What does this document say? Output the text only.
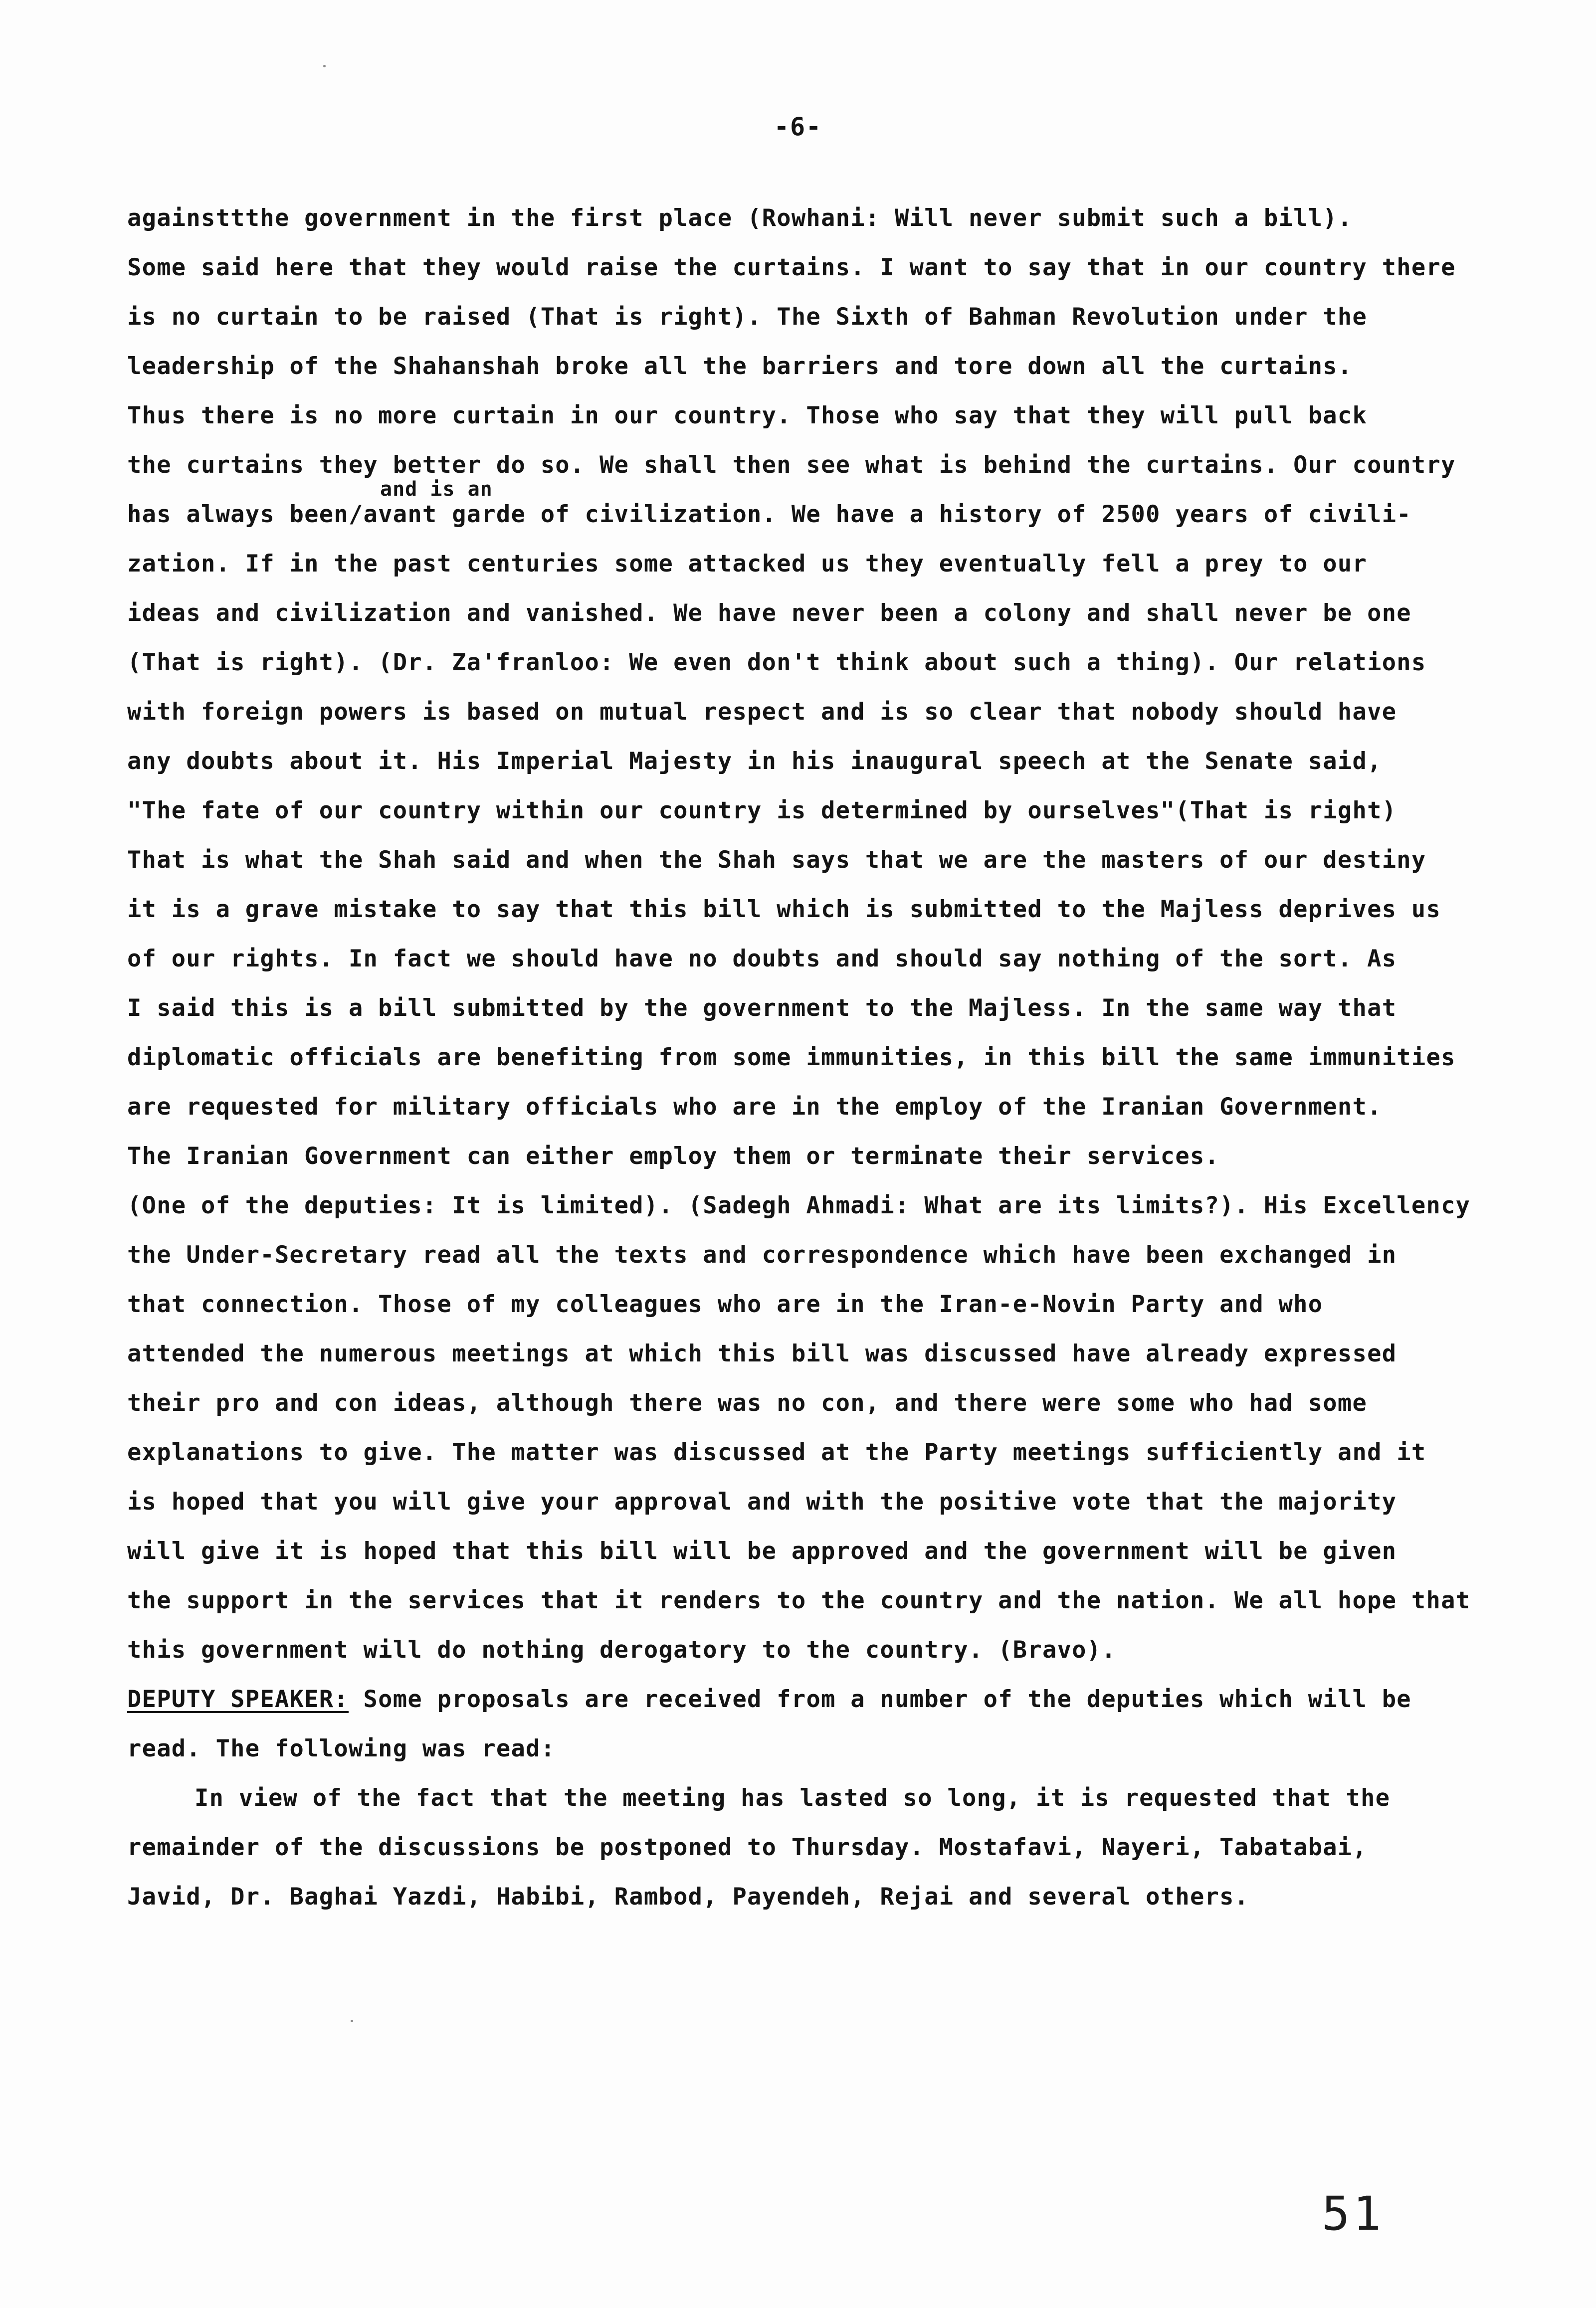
-6-
and is an
againsttthe government in the first place (Rowhani: Will never submit such a bill).
Some said here that they would raise the curtains. I want to say that in our country there
is no curtain to be raised (That is right). The Sixth of Bahman Revolution under the
leadership of the Shahanshah broke all the barriers and tore down all the curtains.
Thus there is no more curtain in our country. Those who say that they will pull back
the curtains they better do so. We shall then see what is behind the curtains. Our country
has always been/avant garde of civilization. We have a history of 2500 years of civili-
zation. If in the past centuries some attacked us they eventually fell a prey to our
ideas and civilization and vanished. We have never been a colony and shall never be one
(That is right). (Dr. Za'franloo: We even don't think about such a thing). Our relations
with foreign powers is based on mutual respect and is so clear that nobody should have
any doubts about it. His Imperial Majesty in his inaugural speech at the Senate said,
"The fate of our country within our country is determined by ourselves"(That is right)
That is what the Shah said and when the Shah says that we are the masters of our destiny
it is a grave mistake to say that this bill which is submitted to the Majless deprives us
of our rights. In fact we should have no doubts and should say nothing of the sort. As
I said this is a bill submitted by the government to the Majless. In the same way that
diplomatic officials are benefiting from some immunities, in this bill the same immunities
are requested for military officials who are in the employ of the Iranian Government.
The Iranian Government can either employ them or terminate their services.
(One of the deputies: It is limited). (Sadegh Ahmadi: What are its limits?). His Excellency
the Under-Secretary read all the texts and correspondence which have been exchanged in
that connection. Those of my colleagues who are in the Iran-e-Novin Party and who
attended the numerous meetings at which this bill was discussed have already expressed
their pro and con ideas, although there was no con, and there were some who had some
explanations to give. The matter was discussed at the Party meetings sufficiently and it
is hoped that you will give your approval and with the positive vote that the majority
will give it is hoped that this bill will be approved and the government will be given
the support in the services that it renders to the country and the nation. We all hope that
this government will do nothing derogatory to the country. (Bravo).
DEPUTY SPEAKER: Some proposals are received from a number of the deputies which will be
read. The following was read:
In view of the fact that the meeting has lasted so long, it is requested that the
remainder of the discussions be postponed to Thursday. Mostafavi, Nayeri, Tabatabai,
Javid, Dr. Baghai Yazdi, Habibi, Rambod, Payendeh, Rejai and several others.
51
